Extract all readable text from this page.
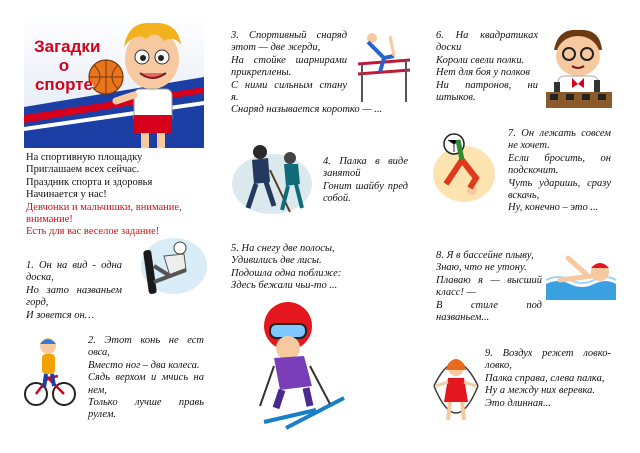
Загадки
о
спорте
На спортивную площадку
Приглашаем всех сейчас.
Праздник спорта и здоровья
Начинается у нас!
Девчонки и мальчишки, внимание, внимание!
Есть для вас веселое задание!
1. Он на вид - одна
доска,
Но зато названьем
горд,
И зовется он…
2. Этот конь не ест
овса,
Вместо ног – два колеса.
Сядь верхом и мчись на
нем,
Только лучше правь
рулем.
3. Спортивный снаряд
этот — две жерди,
На стойке шарнирами
прикреплены.
С ними сильным стану
я.
Снаряд называется коротко — ...
4. Палка в виде
занятой
Гонит шайбу пред
собой.
5. На снегу две полосы,
Удивились две лисы.
Подошла одна поближе:
Здесь бежали чьи-то ...
6. На квадратиках
доски
Короли свели полки.
Нет для боя у полков
Ни патронов, ни
штыков.
7. Он лежать совсем
не хочет.
Если бросить, он
подскочит.
Чуть ударишь, сразу
вскачь,
Ну, конечно – это ...
8. Я в бассейне плыву,
Знаю, что не утону.
Плаваю я — высший
класс! —
В стиле под
названьем...
9. Воздух режет ловко-
ловко,
Палка справа, слева палка,
Ну а между них веревка.
Это длинная...
